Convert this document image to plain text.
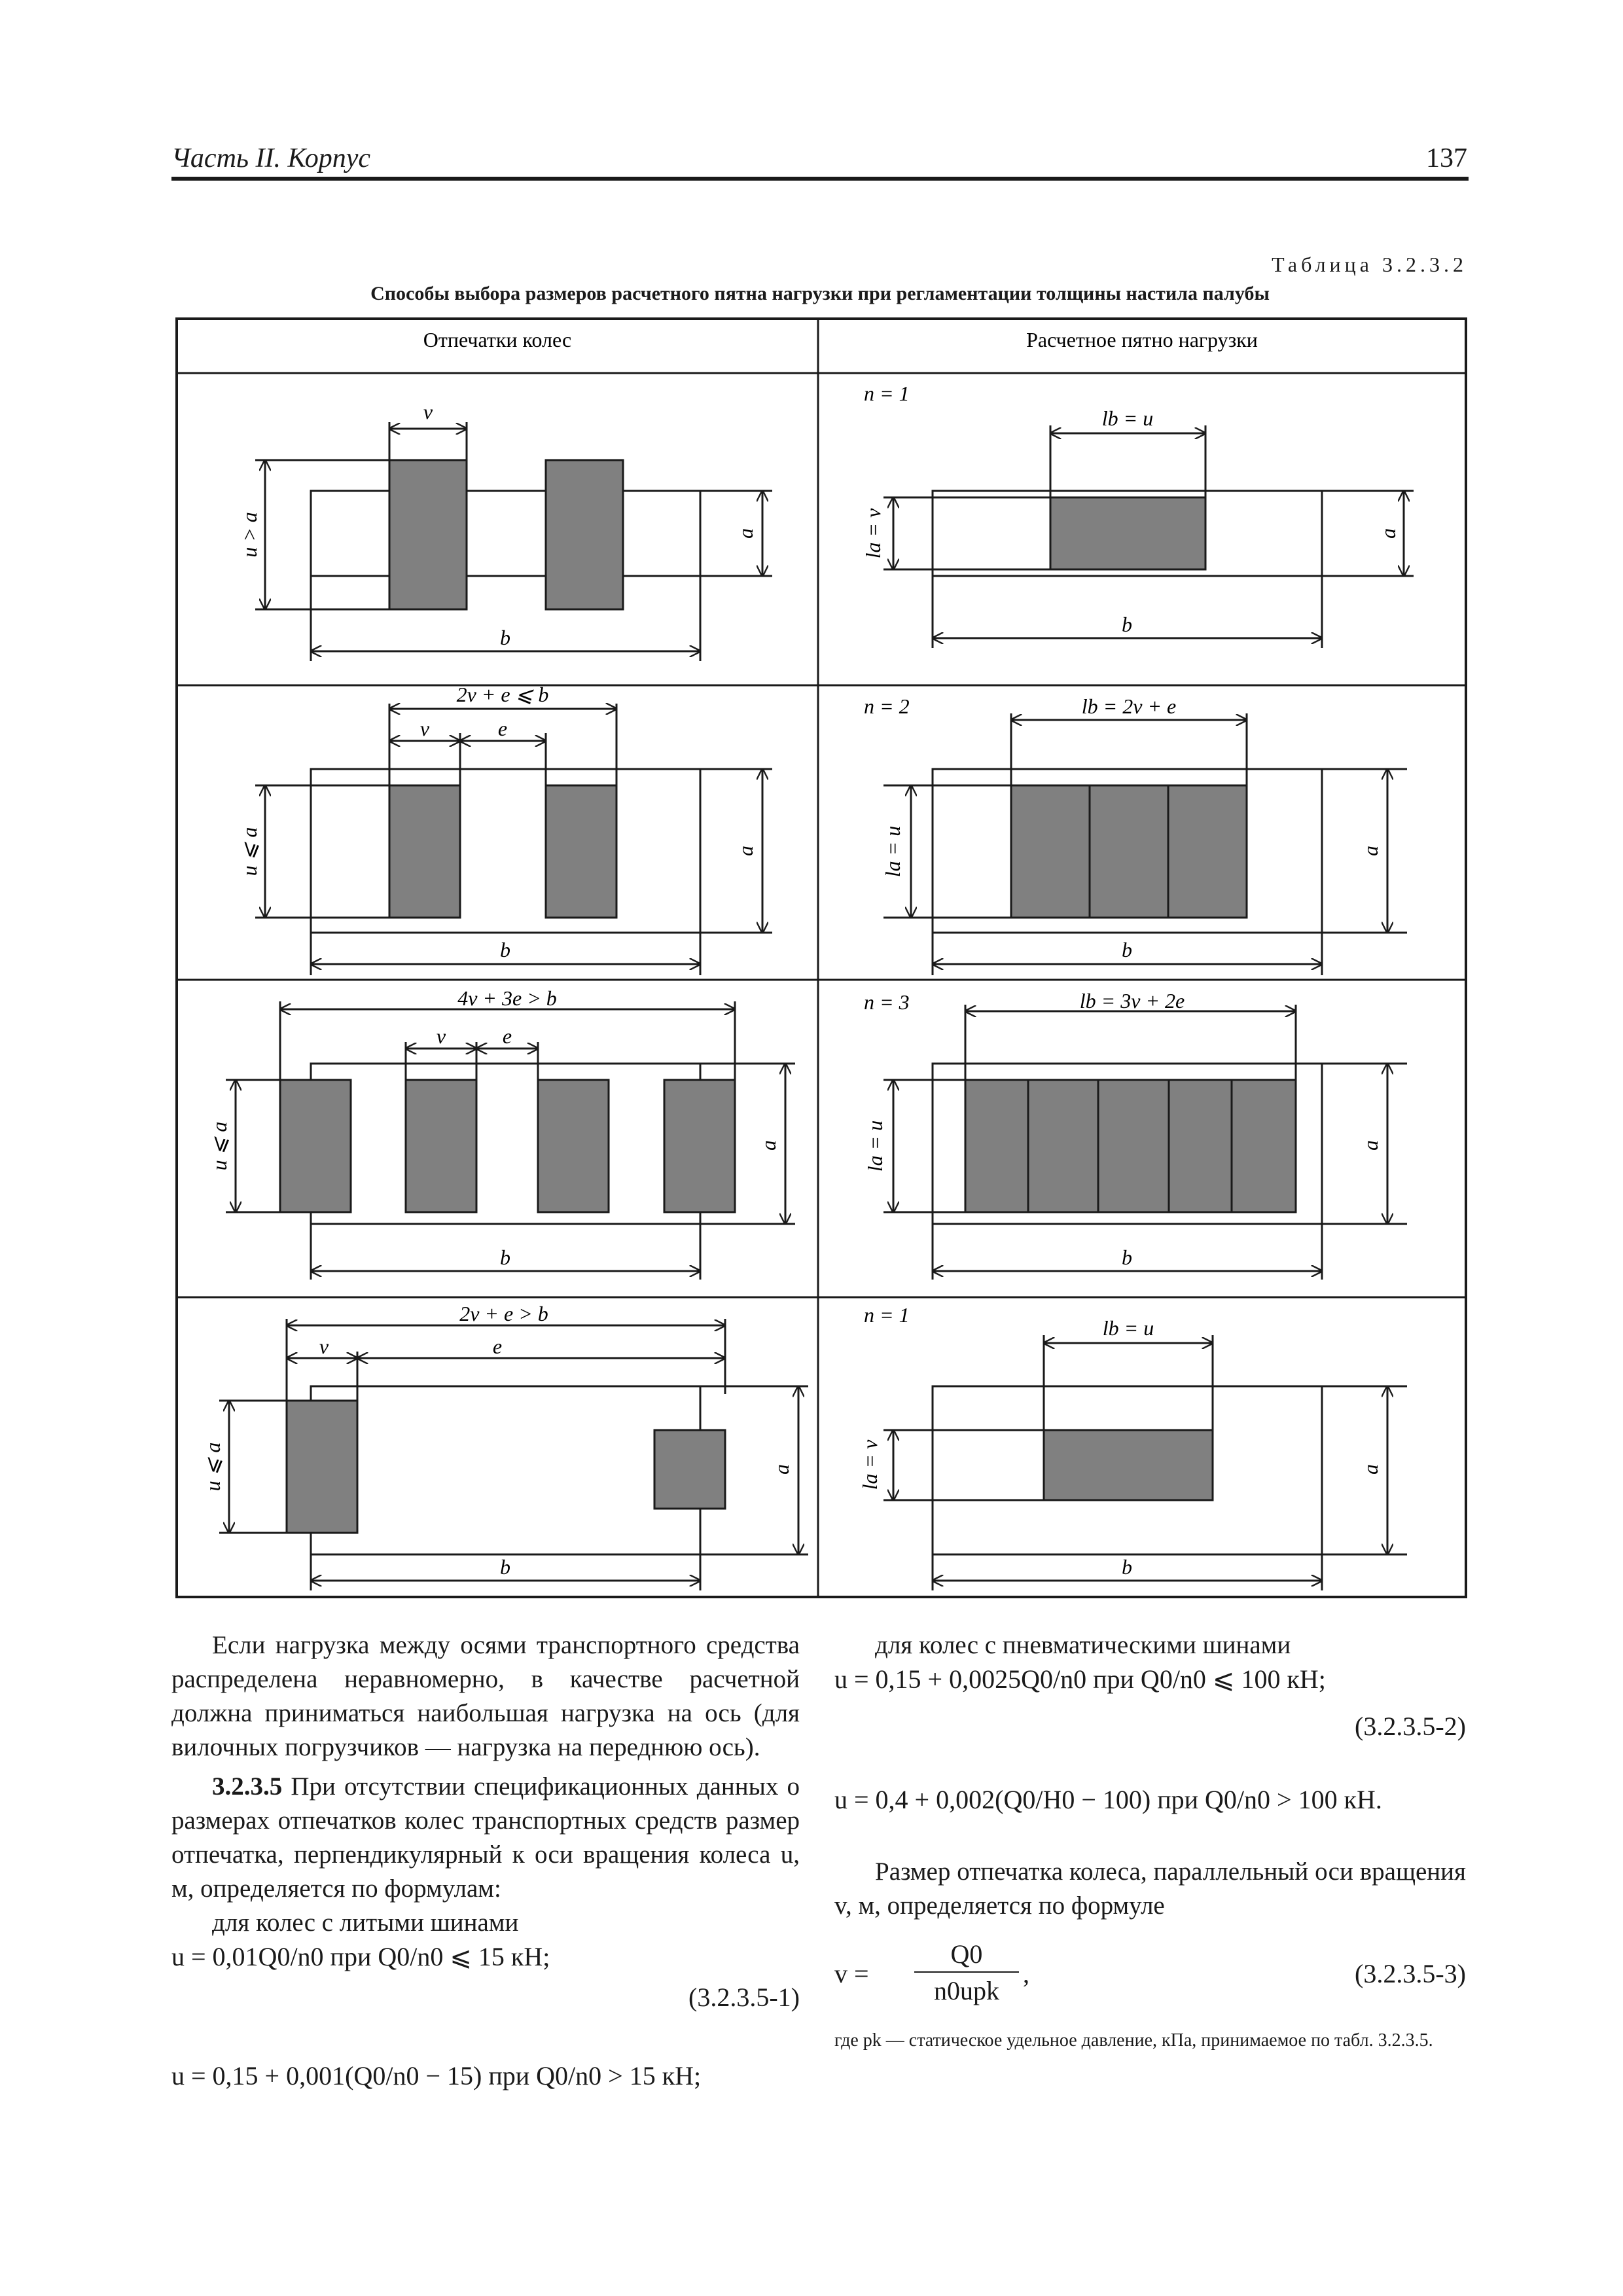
Часть II. Корпус	137
Таблица 3.2.3.2
Способы выбора размеров расчетного пятна нагрузки при регламентации толщины настила палубы
Отпечатки колес	Расчетное пятно нагрузки
v
u > a	a
b
n = 1
lb = u
la = v	a
b
2v + e ⩽ b
v	e
u ⩽ a	a
b
n = 2	lb = 2v + e
la = u	a
b
4v + 3e > b
v	e
u ⩽ a	a
b
n = 3	lb = 3v + 2e
la = u	a
b
2v + e > b
v	e
u ⩽ a	a
b
n = 1
lb = u
la = v	a
b

Если нагрузка между осями транспортного средства распределена неравномерно, в качестве расчетной должна приниматься наибольшая нагрузка на ось (для вилочных погрузчиков — нагрузка на переднюю ось).

3.2.3.5 При отсутствии спецификационных данных о размерах отпечатков колес транспортных средств размер отпечатка, перпендикулярный к оси вращения колеса u, м, определяется по формулам:

для колес с литыми шинами

u = 0,01Q0/n0 при Q0/n0 ⩽ 15 кН;
(3.2.3.5-1)
u = 0,15 + 0,001(Q0/n0 − 15) при Q0/n0 > 15 кН;

для колес с пневматическими шинами

u = 0,15 + 0,0025Q0/n0 при Q0/n0 ⩽ 100 кН;
(3.2.3.5-2)
u = 0,4 + 0,002(Q0/H0 − 100) при Q0/n0 > 100 кН.

Размер отпечатка колеса, параллельный оси вращения v, м, определяется по формуле

v =
Q0
n0upk
,	(3.2.3.5-3)

где pk — статическое удельное давление, кПа, принимаемое по табл. 3.2.3.5.
